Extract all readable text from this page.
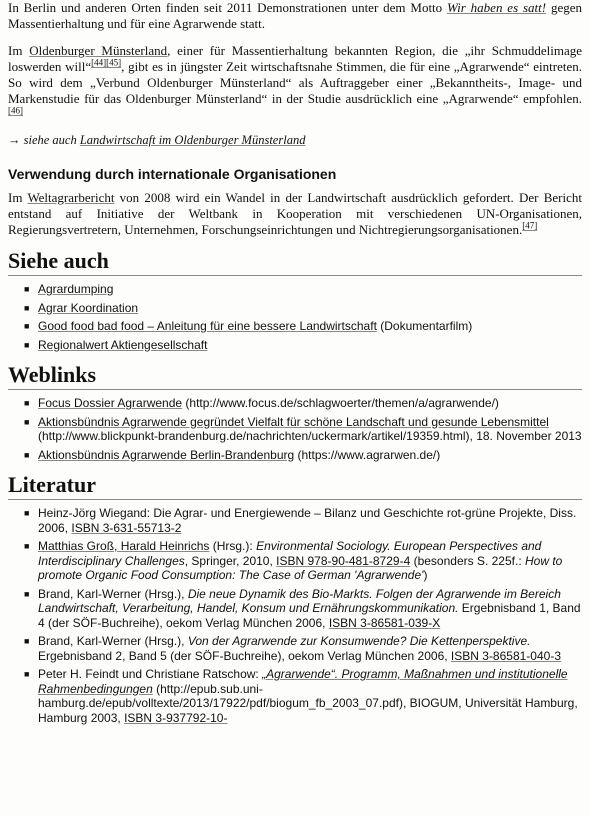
In Berlin und anderen Orten finden seit 2011 Demonstrationen unter dem Motto Wir haben es satt! gegen Massentierhaltung und für eine Agrarwende statt.

Im Oldenburger Münsterland, einer für Massentierhaltung bekannten Region, die „ihr Schmuddelimage loswerden will“[44][45], gibt es in jüngster Zeit wirtschaftsnahe Stimmen, die für eine „Agrarwende“ eintreten. So wird dem „Verbund Oldenburger Münsterland“ als Auftraggeber einer „Bekanntheits-, Image- und Markenstudie für das Oldenburger Münsterland“ in der Studie ausdrücklich eine „Agrarwende“ empfohlen.[46]

→ siehe auch Landwirtschaft im Oldenburger Münsterland

Verwendung durch internationale Organisationen

Im Weltagrarbericht von 2008 wird ein Wandel in der Landwirtschaft ausdrücklich gefordert. Der Bericht entstand auf Initiative der Weltbank in Kooperation mit verschiedenen UN-Organisationen, Regierungsvertretern, Unternehmen, Forschungseinrichtungen und Nichtregierungsorganisationen.[47]

Siehe auch
■ Agrardumping
■ Agrar Koordination
■ Good food bad food – Anleitung für eine bessere Landwirtschaft (Dokumentarfilm)
■ Regionalwert Aktiengesellschaft
Weblinks
■ Focus Dossier Agrarwende (http://www.focus.de/schlagwoerter/themen/a/agrarwende/)
■ Aktionsbündnis Agrarwende gegründet Vielfalt für schöne Landschaft und gesunde Lebensmittel (http://www.blickpunkt-brandenburg.de/nachrichten/uckermark/artikel/19359.html), 18. November 2013
■ Aktionsbündnis Agrarwende Berlin-Brandenburg (https://www.agrarwen.de/)
Literatur
■ Heinz-Jörg Wiegand: Die Agrar- und Energiewende – Bilanz und Geschichte rot-grüne Projekte, Diss. 2006, ISBN 3-631-55713-2
■ Matthias Groß, Harald Heinrichs (Hrsg.): Environmental Sociology. European Perspectives and Interdisciplinary Challenges, Springer, 2010, ISBN 978-90-481-8729-4 (besonders S. 225f.: How to promote Organic Food Consumption: The Case of German 'Agrarwende')
■ Brand, Karl-Werner (Hrsg.), Die neue Dynamik des Bio-Markts. Folgen der Agrarwende im Bereich Landwirtschaft, Verarbeitung, Handel, Konsum und Ernährungskommunikation. Ergebnisband 1, Band 4 (der SÖF-Buchreihe), oekom Verlag München 2006, ISBN 3-86581-039-X
■ Brand, Karl-Werner (Hrsg.), Von der Agrarwende zur Konsumwende? Die Kettenperspektive. Ergebnisband 2, Band 5 (der SÖF-Buchreihe), oekom Verlag München 2006, ISBN 3-86581-040-3
■ Peter H. Feindt und Christiane Ratschow: „Agrarwende“. Programm, Maßnahmen und institutionelle Rahmenbedingungen (http://epub.sub.uni-hamburg.de/epub/volltexte/2013/17922/pdf/biogum_fb_2003_07.pdf), BIOGUM, Universität Hamburg, Hamburg 2003, ISBN 3-937792-10-
